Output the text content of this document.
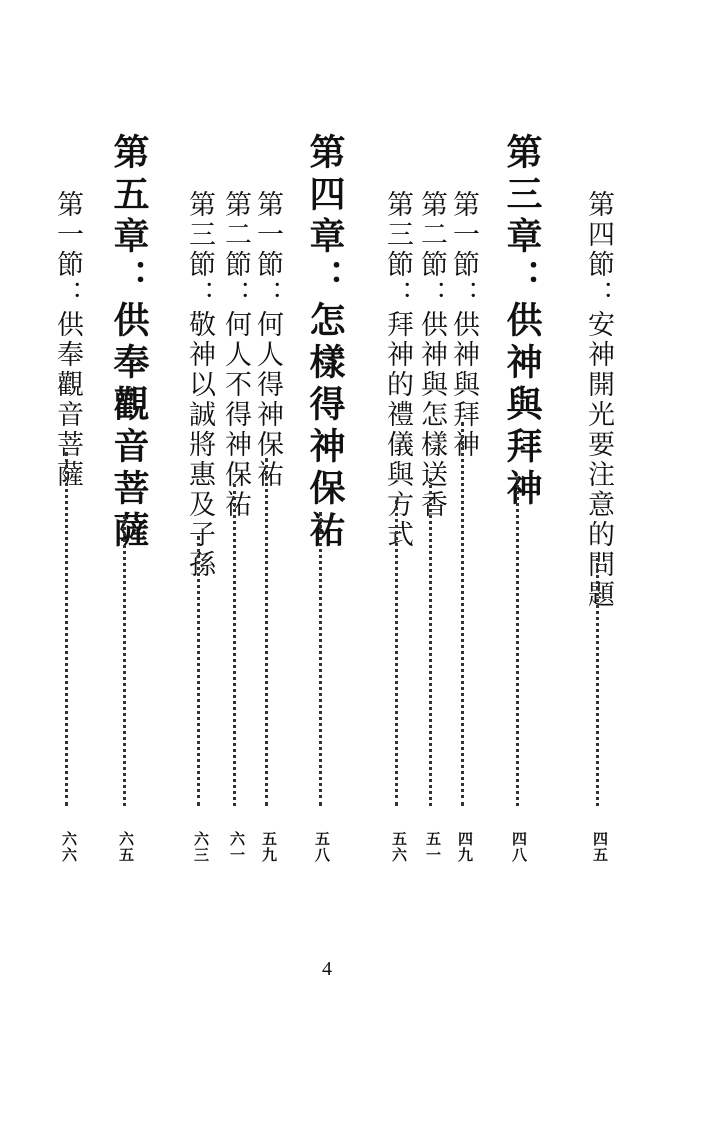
第四節：安神開光要注意的問題
四五
第三章：供神與拜神
四八
第一節：供神與拜神
四九
第二節：供神與怎樣送香
五一
第三節：拜神的禮儀與方式
五六
第四章：怎樣得神保祐
五八
第一節：何人得神保祐
五九
第二節：何人不得神保祐
六一
第三節：敬神以誠將惠及子孫
六三
第五章：供奉觀音菩薩
六五
第一節：供奉觀音菩薩
六六
4
